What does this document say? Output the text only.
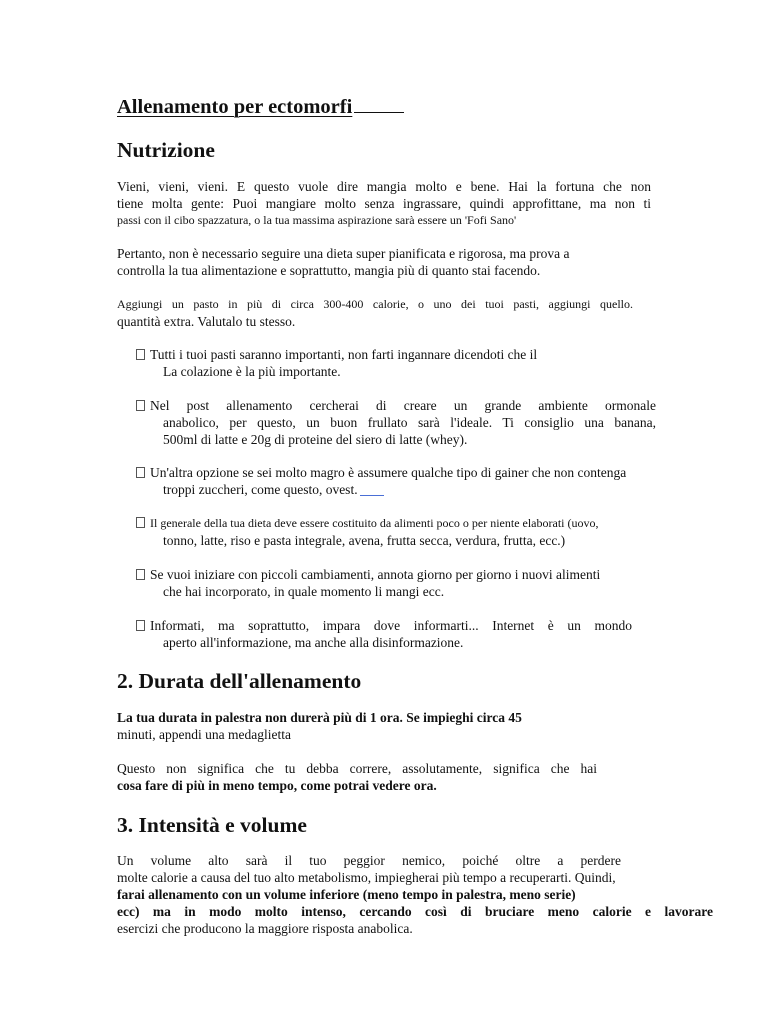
Allenamento per ectomorfi
Nutrizione
Vieni, vieni, vieni. E questo vuole dire mangia molto e bene. Hai la fortuna che non
tiene molta gente: Puoi mangiare molto senza ingrassare, quindi approfittane, ma non ti
passi con il cibo spazzatura, o la tua massima aspirazione sarà essere un 'Fofi Sano'
Pertanto, non è necessario seguire una dieta super pianificata e rigorosa, ma prova a
controlla la tua alimentazione e soprattutto, mangia più di quanto stai facendo.
Aggiungi un pasto in più di circa 300-400 calorie, o uno dei tuoi pasti, aggiungi quello.
quantità extra. Valutalo tu stesso.
Tutti i tuoi pasti saranno importanti, non farti ingannare dicendoti che il
La colazione è la più importante.
Nel post allenamento cercherai di creare un grande ambiente ormonale
anabolico, per questo, un buon frullato sarà l'ideale. Ti consiglio una banana,
500ml di latte e 20g di proteine del siero di latte (whey).
Un'altra opzione se sei molto magro è assumere qualche tipo di gainer che non contenga
troppi zuccheri, come questo, ovest.
Il generale della tua dieta deve essere costituito da alimenti poco o per niente elaborati (uovo,
tonno, latte, riso e pasta integrale, avena, frutta secca, verdura, frutta, ecc.)
Se vuoi iniziare con piccoli cambiamenti, annota giorno per giorno i nuovi alimenti
che hai incorporato, in quale momento li mangi ecc.
Informati, ma soprattutto, impara dove informarti... Internet è un mondo
aperto all'informazione, ma anche alla disinformazione.
2. Durata dell'allenamento
La tua durata in palestra non durerà più di 1 ora. Se impieghi circa 45
minuti, appendi una medaglietta
Questo non significa che tu debba correre, assolutamente, significa che hai
cosa fare di più in meno tempo, come potrai vedere ora.
3. Intensità e volume
Un volume alto sarà il tuo peggior nemico, poiché oltre a perdere
molte calorie a causa del tuo alto metabolismo, impiegherai più tempo a recuperarti. Quindi,
farai allenamento con un volume inferiore (meno tempo in palestra, meno serie)
ecc) ma in modo molto intenso, cercando così di bruciare meno calorie e lavorare
esercizi che producono la maggiore risposta anabolica.
